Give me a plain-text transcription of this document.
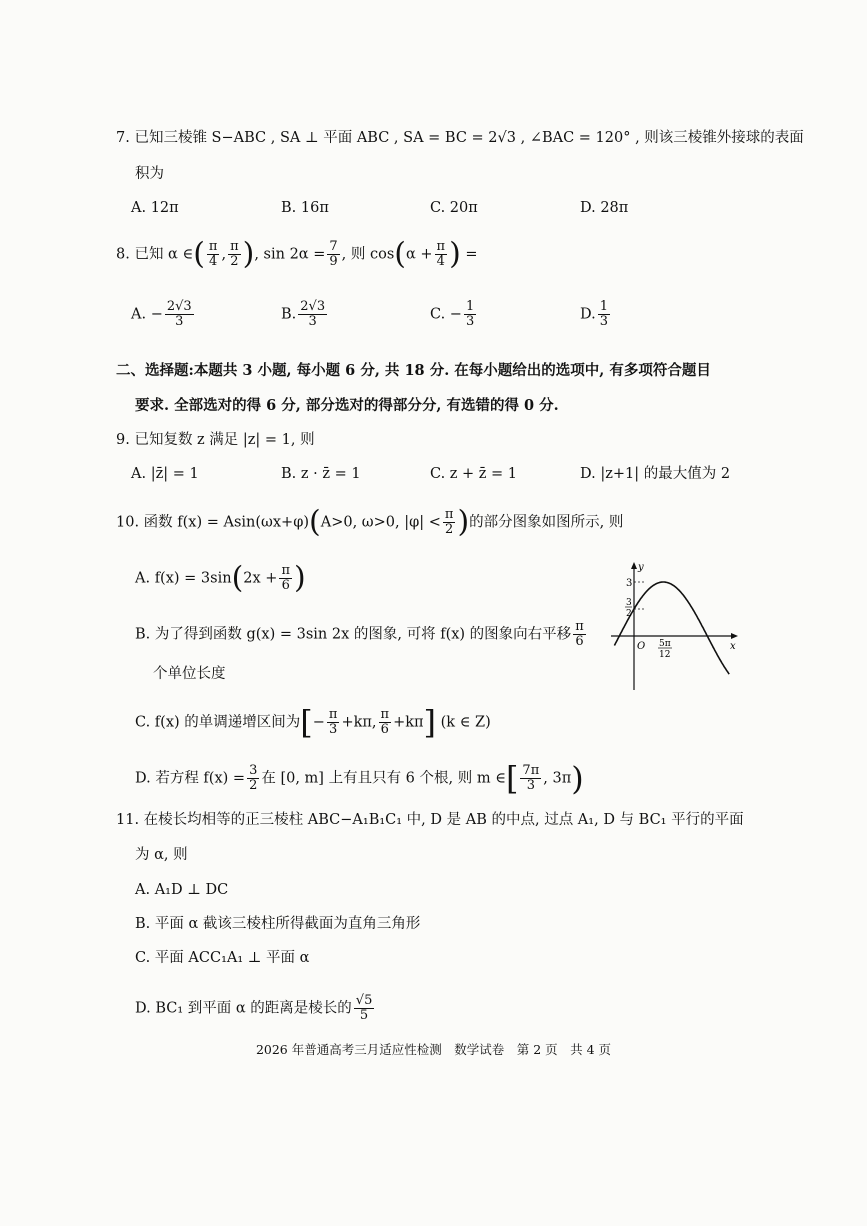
7. 已知三棱锥 S−ABC , SA ⊥ 平面 ABC , SA = BC = 2√3 , ∠BAC = 120° , 则该三棱锥外接球的表面
积为
A. 12π	B. 16π	C. 20π	D. 28π
8. 已知 α ∈( $\frac{\pi}{4}$ , $\frac{\pi}{2}$ ), $\sin 2\alpha = \frac{7}{9}$ , 则 $\cos(\alpha + \frac{\pi}{4}$ ) =
A. − $\frac{2√3}{3}$	B. $\frac{2√3}{3}$	C. − $\frac{1}{3}$	D. $\frac{1}{3}$
二、选择题:本题共 3 小题, 每小题 6 分, 共 18 分. 在每小题给出的选项中, 有多项符合题目
要求. 全部选对的得 6 分, 部分选对的得部分分, 有选错的得 0 分.
9. 已知复数 z 满足 |z| = 1, 则
A. |z̄| = 1	B. z · z̄ = 1	C. z + z̄ = 1	D. |z+1| 的最大值为 2
10. 函数 f(x) = Asin(ωx+φ)(A>0, ω>0, $|\varphi| < \frac{\pi}{2}$ )的部分图象如图所示, 则
A. $f(x) = 3\sin(2x + \frac{\pi}{6}$ )
B. 为了得到函数 g(x) = 3sin 2x 的图象, 可将 f(x) 的图象向右平移 $\frac{\pi}{6}$
个单位长度
C. f(x) 的单调递增区间为[− $\frac{\pi}{3} +k\pi$, $\frac{\pi}{6} +k\pi$] (k ∈ Z)
D. 若方程 $f(x) = \frac{3}{2}$ 在 [0, m] 上有且只有 6 个根, 则 m ∈[ $\frac{7\pi}{3}$ , 3π)
3
3
2
y
x
O 5π
12
11. 在棱长均相等的正三棱柱 ABC−A₁B₁C₁ 中, D 是 AB 的中点, 过点 A₁, D 与 BC₁ 平行的平面
为 α, 则
A. A₁D ⊥ DC
B. 平面 α 截该三棱柱所得截面为直角三角形
C. 平面 ACC₁A₁ ⊥ 平面 α
D. BC₁ 到平面 α 的距离是棱长的 $\frac{√5}{5}$
2026 年普通高考三月适应性检测　数学试卷　第 2 页　共 4 页
